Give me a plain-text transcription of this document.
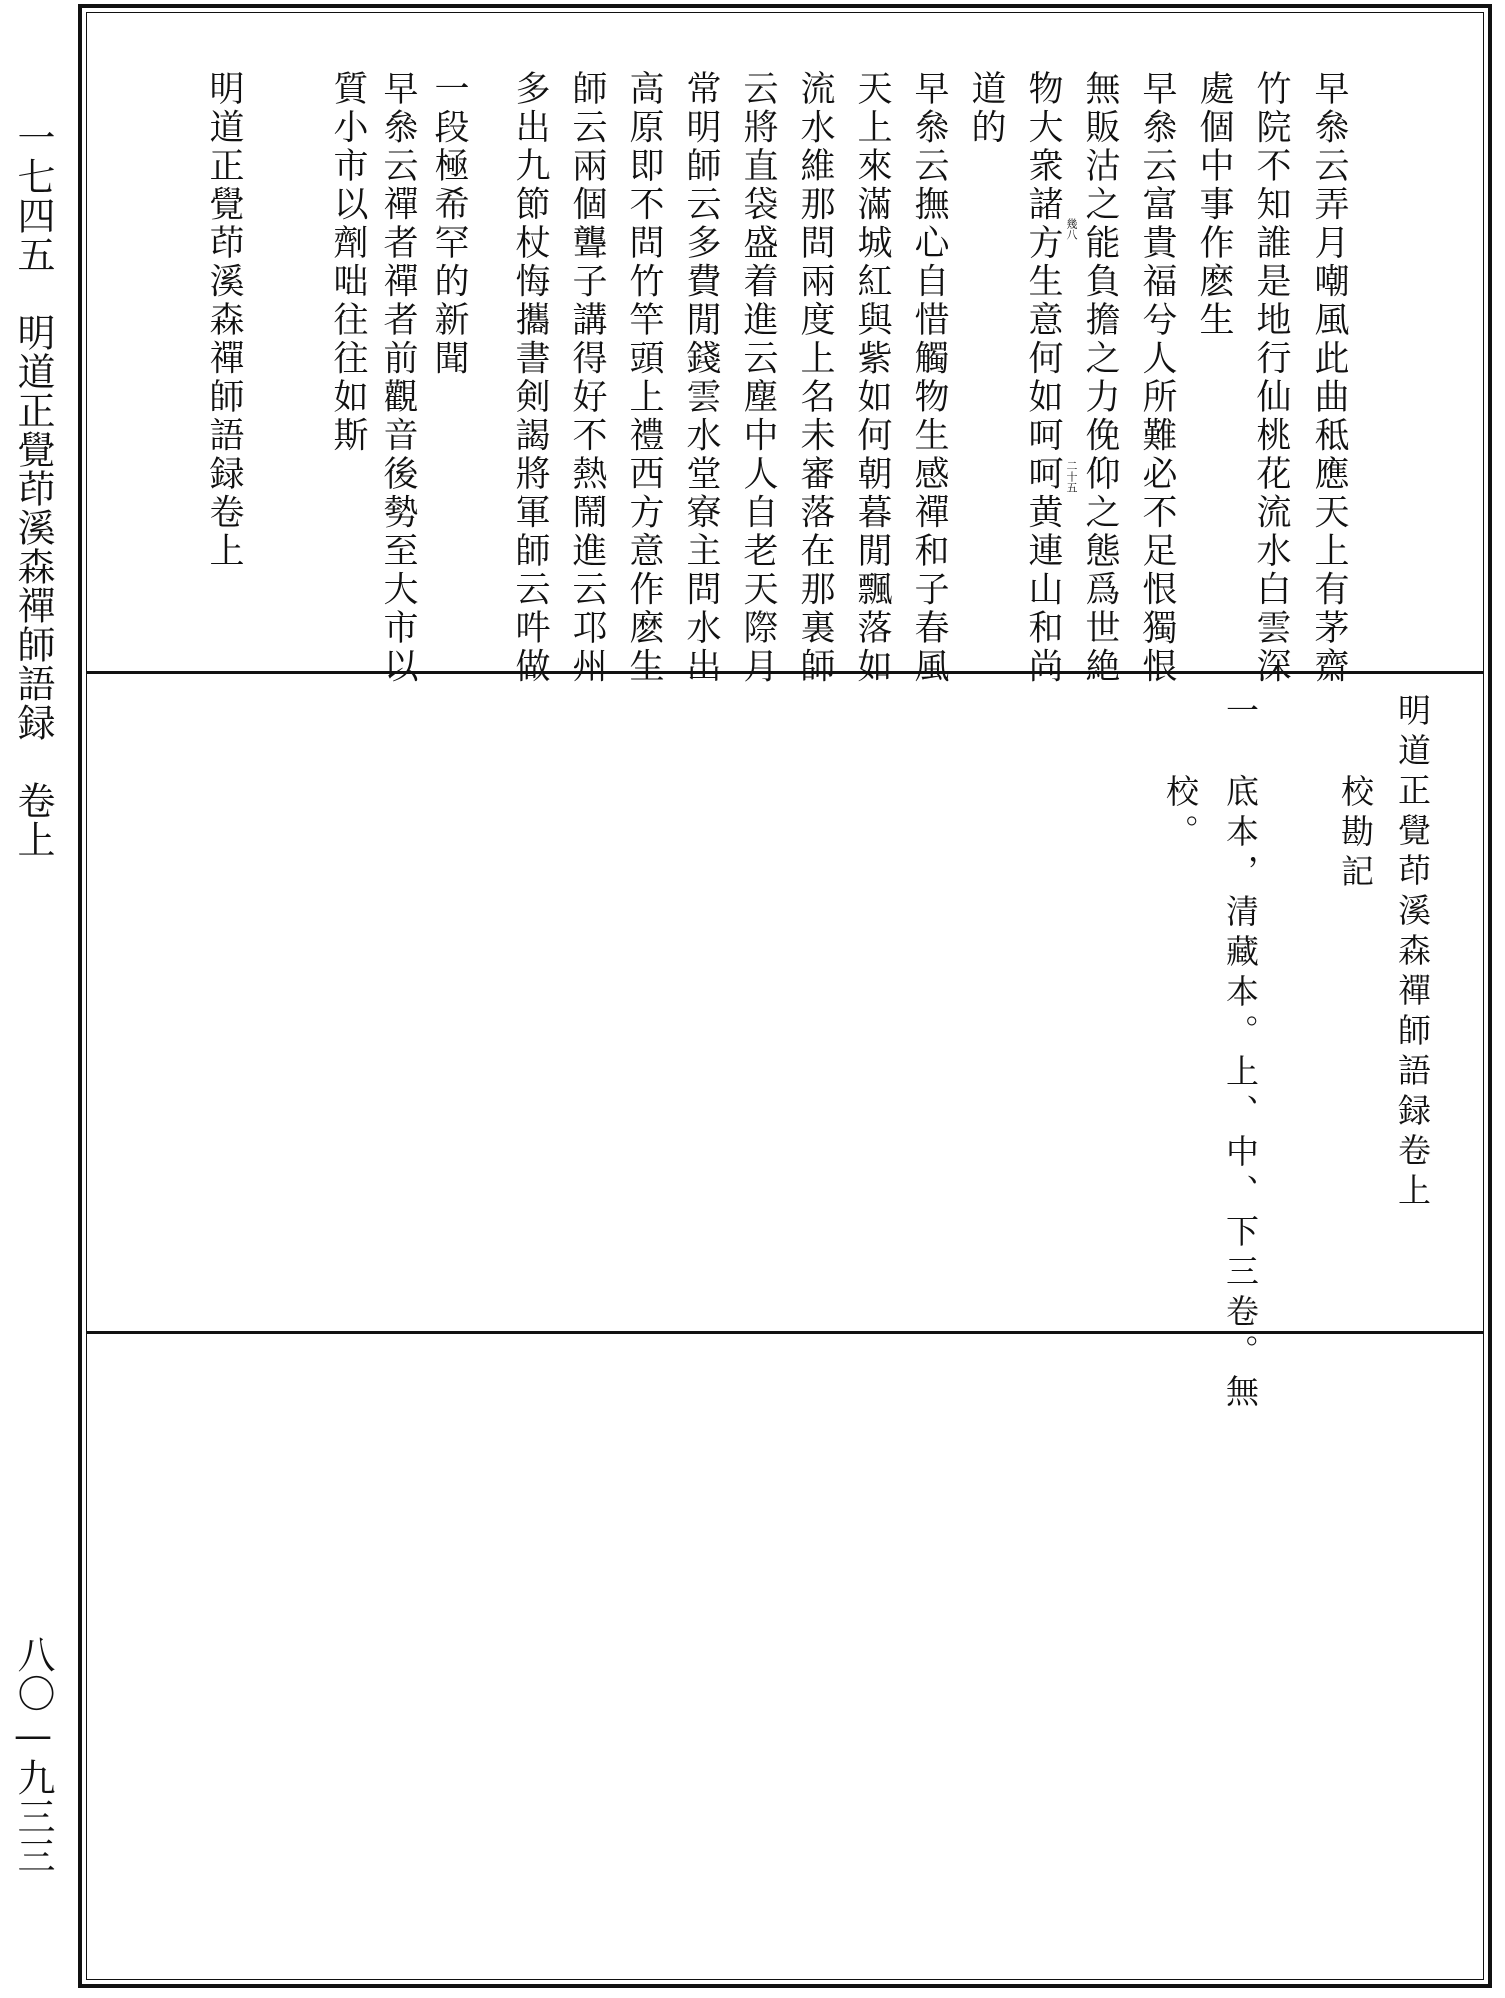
一七四五　明道正覺茚溪森禪師語録　卷上
八〇—九三三
早叅云弄月嘲風此曲秪應天上有茅齋
竹院不知誰是地行仙桃花流水白雲深
處個中事作麽生
早叅云富貴福兮人所難必不足恨獨恨
無販沽之能負擔之力俛仰之態爲世絶
物大衆諸方生意何如呵呵黄連山和尚
道的
早叅云撫心自惜觸物生感禪和子春風
天上來滿城紅與紫如何朝暮閒飄落如
流水維那問兩度上名未審落在那裏師
云將直袋盛着進云塵中人自老天際月
常明師云多費閒錢雲水堂寮主問水出
高原即不問竹竿頭上禮西方意作麽生
師云兩個聾子講得好不熱鬧進云邛州
多出九節杖悔攜書剣謁將軍師云吽做
質小市以劑咄往往如斯 早叅云禪者禪者前觀音後勢至大市以 一段極希罕的新聞
明道正覺茚溪森禪師語録卷上	幾八
二十五
明道正覺茚溪森禪師語録卷上
校勘記
一
底本，清藏本。上、中、下三卷。無
校。
